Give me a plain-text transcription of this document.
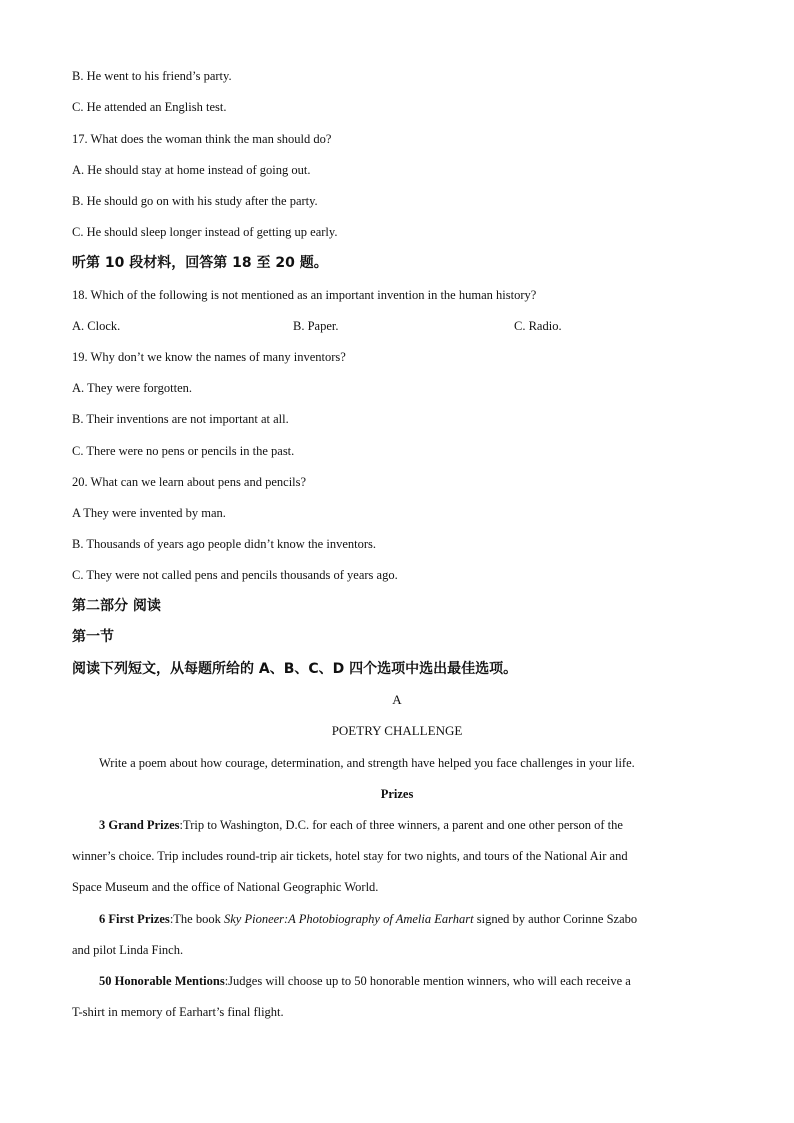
B. He went to his friend’s party.
C. He attended an English test.
17. What does the woman think the man should do?
A. He should stay at home instead of going out.
B. He should go on with his study after the party.
C. He should sleep longer instead of getting up early.
听第 10 段材料，回答第 18 至 20 题。
18. Which of the following is not mentioned as an important invention in the human history?
A. Clock.	B. Paper.	C. Radio.
19. Why don’t we know the names of many inventors?
A. They were forgotten.
B. Their inventions are not important at all.
C. There were no pens or pencils in the past.
20. What can we learn about pens and pencils?
A They were invented by man.
B. Thousands of years ago people didn’t know the inventors.
C. They were not called pens and pencils thousands of years ago.
第二部分 阅读
第一节
阅读下列短文，从每题所给的 A、B、C、D 四个选项中选出最佳选项。
A
POETRY CHALLENGE
Write a poem about how courage, determination, and strength have helped you face challenges in your life.
Prizes
3 Grand Prizes:Trip to Washington, D.C. for each of three winners, a parent and one other person of the
winner’s choice. Trip includes round-trip air tickets, hotel stay for two nights, and tours of the National Air and
Space Museum and the office of National Geographic World.
6 First Prizes:The book Sky Pioneer:A Photobiography of Amelia Earhart signed by author Corinne Szabo
and pilot Linda Finch.
50 Honorable Mentions:Judges will choose up to 50 honorable mention winners, who will each receive a
T-shirt in memory of Earhart’s final flight.
